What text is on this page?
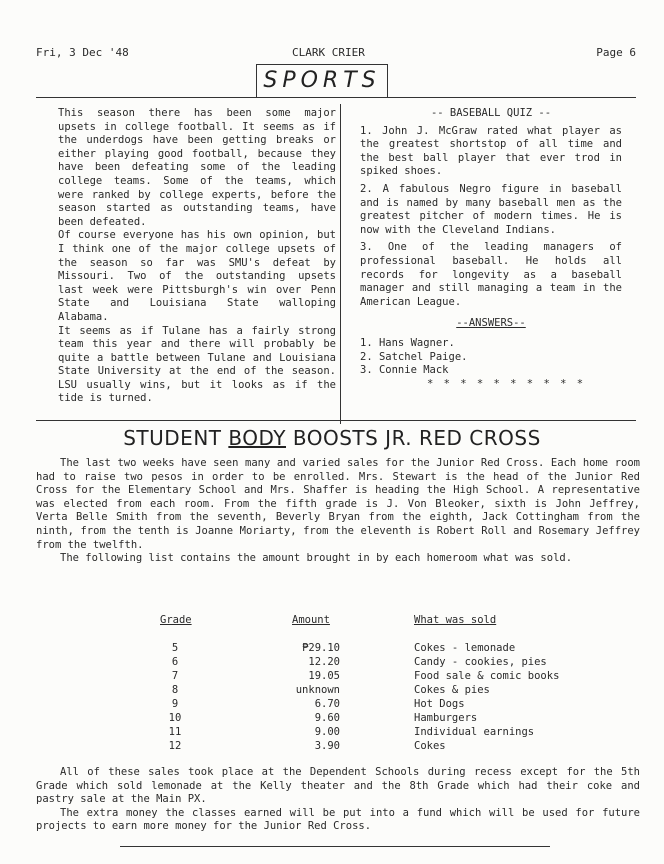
Fri, 3 Dec '48	CLARK CRIER	Page 6
SPORTS

This season there has been some major upsets in college football. It seems as if the underdogs have been getting breaks or either playing good football, because they have been defeating some of the leading college teams. Some of the teams, which were ranked by college experts, before the season started as outstanding teams, have been defeated.

Of course everyone has his own opinion, but I think one of the major college upsets of the season so far was SMU's defeat by Missouri. Two of the outstanding upsets last week were Pittsburgh's win over Penn State and Louisiana State walloping Alabama.

It seems as if Tulane has a fairly strong team this year and there will probably be quite a battle between Tulane and Louisiana State University at the end of the season. LSU usually wins, but it looks as if the tide is turned.

-- BASEBALL QUIZ --

1. John J. McGraw rated what player as the greatest shortstop of all time and the best ball player that ever trod in spiked shoes.

2. A fabulous Negro figure in baseball and is named by many baseball men as the greatest pitcher of modern times. He is now with the Cleveland Indians.

3. One of the leading managers of professional baseball. He holds all records for longevity as a baseball manager and still managing a team in the American League.

--ANSWERS--
1. Hans Wagner.
2. Satchel Paige.
3. Connie Mack
* * * * * * * * * *
STUDENT BODY BOOSTS JR. RED CROSS

The last two weeks have seen many and varied sales for the Junior Red Cross. Each home room had to raise two pesos in order to be enrolled. Mrs. Stewart is the head of the Junior Red Cross for the Elementary School and Mrs. Shaffer is heading the High School. A representative was elected from each room. From the fifth grade is J. Von Bleoker, sixth is John Jeffrey, Verta Belle Smith from the seventh, Beverly Bryan from the eighth, Jack Cottingham from the ninth, from the tenth is Joanne Moriarty, from the eleventh is Robert Roll and Rosemary Jeffrey from the twelfth.

The following list contains the amount brought in by each homeroom what was sold.

Grade	Amount	What was sold
5	₱29.10	Cokes - lemonade
6	12.20	Candy - cookies, pies
7	19.05	Food sale & comic books
8	unknown	Cokes & pies
9	6.70	Hot Dogs
10	9.60	Hamburgers
11	9.00	Individual earnings
12	3.90	Cokes

All of these sales took place at the Dependent Schools during recess except for the 5th Grade which sold lemonade at the Kelly theater and the 8th Grade which had their coke and pastry sale at the Main PX.

The extra money the classes earned will be put into a fund which will be used for future projects to earn more money for the Junior Red Cross.
